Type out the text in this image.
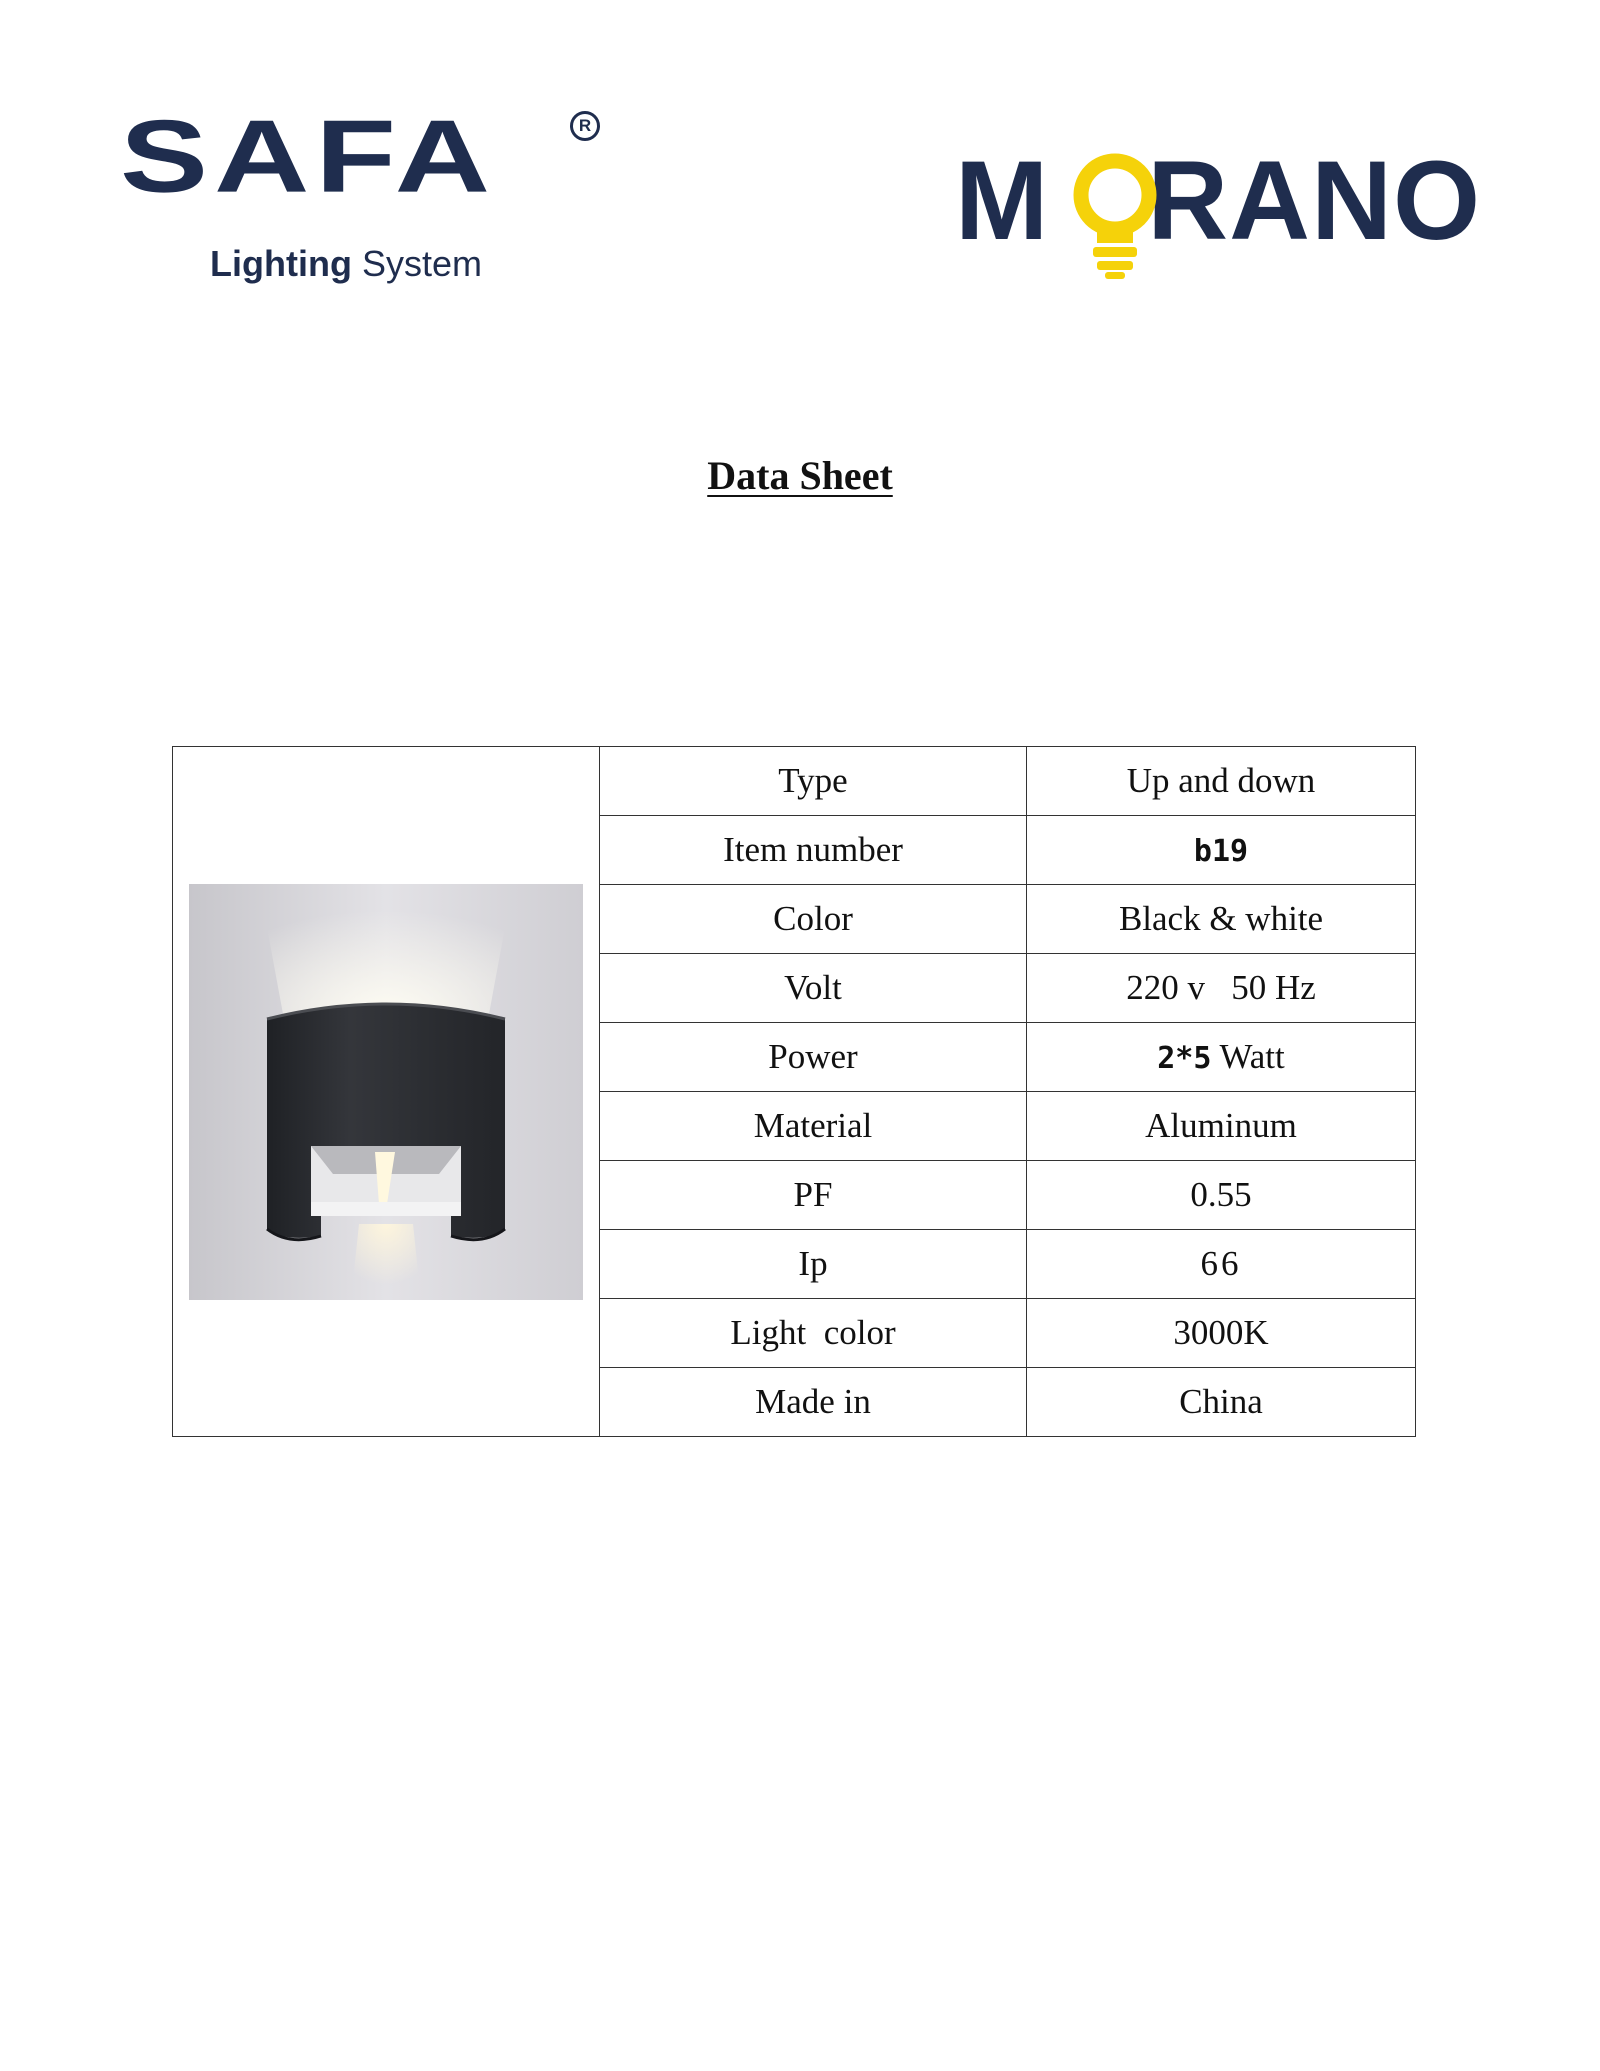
SAFA	R
Lighting System
M RANO
Data Sheet
	Type	Up and down
	Item number	b19
	Color	Black & white
	Volt	220 v   50 Hz
	Power	2*5 Watt
	Material	Aluminum
	PF	0.55
	Ip	66
	Light  color	3000K
	Made in	China
